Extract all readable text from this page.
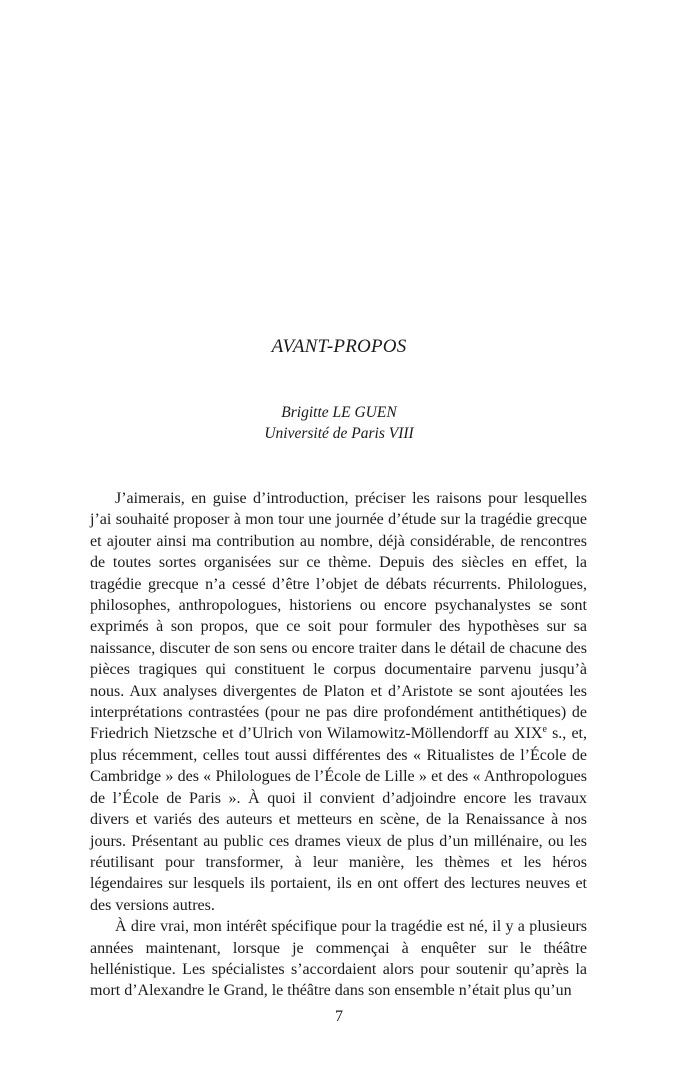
AVANT-PROPOS
Brigitte LE GUEN
Université de Paris VIII

J’aimerais, en guise d’introduction, préciser les raisons pour lesquelles j’ai souhaité proposer à mon tour une journée d’étude sur la tragédie grecque et ajouter ainsi ma contribution au nombre, déjà considérable, de rencontres de toutes sortes organisées sur ce thème. Depuis des siècles en effet, la tragédie grecque n’a cessé d’être l’objet de débats récurrents. Philologues, philosophes, anthropologues, historiens ou encore psychanalystes se sont exprimés à son propos, que ce soit pour formuler des hypothèses sur sa naissance, discuter de son sens ou encore traiter dans le détail de chacune des pièces tragiques qui constituent le corpus documentaire parvenu jusqu’à nous. Aux analyses divergentes de Platon et d’Aristote se sont ajoutées les interprétations contrastées (pour ne pas dire profondément antithétiques) de Friedrich Nietzsche et d’Ulrich von Wilamowitz-Möllendorff au XIXe s., et, plus récemment, celles tout aussi différentes des « Ritualistes de l’École de Cambridge » des « Philologues de l’École de Lille » et des « Anthropologues de l’École de Paris ». À quoi il convient d’adjoindre encore les travaux divers et variés des auteurs et metteurs en scène, de la Renaissance à nos jours. Présentant au public ces drames vieux de plus d’un millénaire, ou les réutilisant pour transformer, à leur manière, les thèmes et les héros légendaires sur lesquels ils portaient, ils en ont offert des lectures neuves et des versions autres.

À dire vrai, mon intérêt spécifique pour la tragédie est né, il y a plusieurs années maintenant, lorsque je commençai à enquêter sur le théâtre hellénistique. Les spécialistes s’accordaient alors pour soutenir qu’après la mort d’Alexandre le Grand, le théâtre dans son ensemble n’était plus qu’un

7
